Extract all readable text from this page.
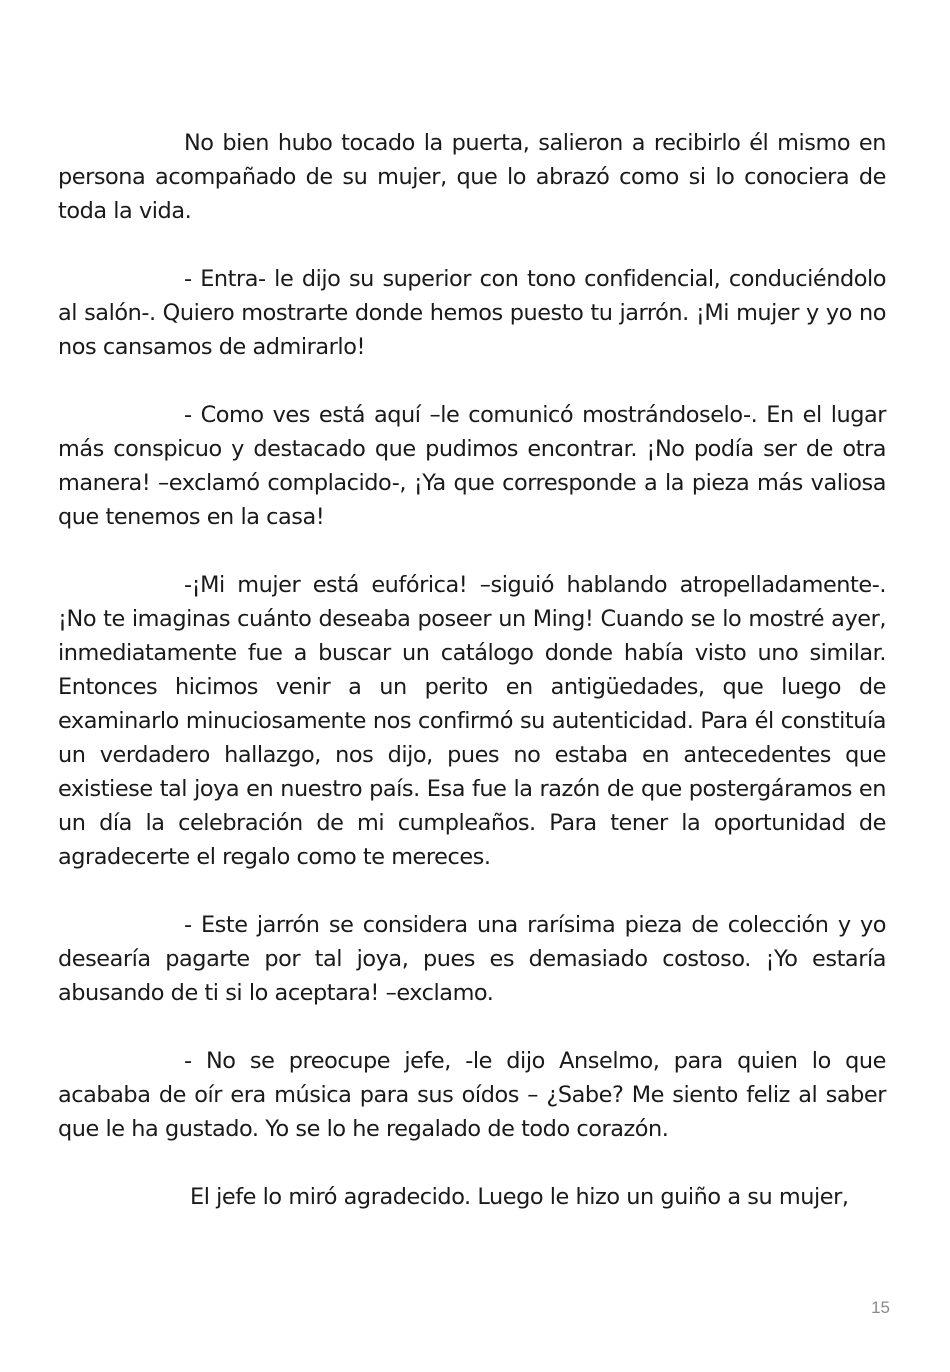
No bien hubo tocado la puerta, salieron a recibirlo él mismo en persona acompañado de su mujer, que lo abrazó como si lo conociera de toda la vida.

- Entra- le dijo su superior con tono confidencial, conduciéndolo al salón-. Quiero mostrarte donde hemos puesto tu jarrón. ¡Mi mujer y yo no nos cansamos de admirarlo!

- Como ves está aquí –le comunicó mostrándoselo-. En el lugar más conspicuo y destacado que pudimos encontrar. ¡No podía ser de otra manera! –exclamó complacido-, ¡Ya que corresponde a la pieza más valiosa que tenemos en la casa!

-¡Mi mujer está eufórica! –siguió hablando atropelladamente-. ¡No te imaginas cuánto deseaba poseer un Ming! Cuando se lo mostré ayer, inmediatamente fue a buscar un catálogo donde había visto uno similar. Entonces hicimos venir a un perito en antigüedades, que luego de examinarlo minuciosamente nos confirmó su autenticidad. Para él constituía un verdadero hallazgo, nos dijo, pues no estaba en antecedentes que existiese tal joya en nuestro país. Esa fue la razón de que postergáramos en un día la celebración de mi cumpleaños. Para tener la oportunidad de agradecerte el regalo como te mereces.

- Este jarrón se considera una rarísima pieza de colección y yo desearía pagarte por tal joya, pues es demasiado costoso. ¡Yo estaría abusando de ti si lo aceptara! –exclamo.

- No se preocupe jefe, -le dijo Anselmo, para quien lo que acababa de oír era música para sus oídos – ¿Sabe? Me siento feliz al saber que le ha gustado. Yo se lo he regalado de todo corazón.

El jefe lo miró agradecido. Luego le hizo un guiño a su mujer,

15
